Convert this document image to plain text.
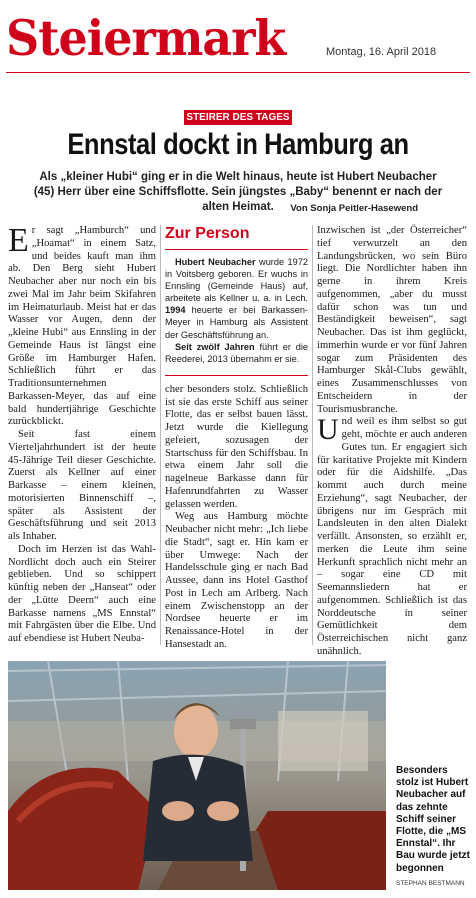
Steiermark	Montag, 16. April 2018
STEIRER DES TAGES
Ennstal dockt in Hamburg an
Als „kleiner Hubi“ ging er in die Welt hinaus, heute ist Hubert Neubacher (45) Herr über eine Schiffsflotte. Sein jüngstes „Baby“ benennt er nach der alten Heimat.	Von Sonja Peitler-Hasewend

Er sagt „Hamburch“ und „Hoamat“ in einem Satz, und beides kauft man ihm ab. Den Berg sieht Hubert Neubacher aber nur noch ein bis zwei Mal im Jahr beim Skifahren im Heimaturlaub. Meist hat er das Wasser vor Augen, denn der „kleine Hubi“ aus Ennsling in der Gemeinde Haus ist längst eine Größe im Hamburger Hafen. Schließlich führt er das Traditionsunternehmen Barkassen-Meyer, das auf eine bald hundertjährige Geschichte zurückblickt.

Seit fast einem Vierteljahrhundert ist der heute 45-Jährige Teil dieser Geschichte. Zuerst als Kellner auf einer Barkasse – einem kleinen, motorisierten Binnenschiff –, später als Assistent der Geschäftsführung und seit 2013 als Inhaber.

Doch im Herzen ist das Wahl-Nordlicht doch auch ein Steirer geblieben. Und so schippert künftig neben der „Hanseat“ oder der „Lütte Deern“ auch eine Barkasse namens „MS Ennstal“ mit Fahrgästen über die Elbe. Und auf ebendiese ist Hubert Neuba-

Zur Person

Hubert Neubacher wurde 1972 in Voitsberg geboren. Er wuchs in Ennsling (Gemeinde Haus) auf, arbeitete als Kellner u. a. in Lech. 1994 heuerte er bei Barkassen-Meyer in Hamburg als Assistent der Geschäftsführung an.

Seit zwölf Jahren führt er die Reederei, 2013 übernahm er sie.

cher besonders stolz. Schließlich ist sie das erste Schiff aus seiner Flotte, das er selbst bauen lässt. Jetzt wurde die Kiellegung gefeiert, sozusagen der Startschuss für den Schiffsbau. In etwa einem Jahr soll die nagelneue Barkasse dann für Hafenrundfahrten zu Wasser gelassen werden.

Weg aus Hamburg möchte Neubacher nicht mehr: „Ich liebe die Stadt“, sagt er. Hin kam er über Umwege: Nach der Handelsschule ging er nach Bad Aussee, dann ins Hotel Gasthof Post in Lech am Arlberg. Nach einem Zwischenstopp an der Nordsee heuerte er im Renaissance-Hotel in der Hansestadt an.

Inzwischen ist „der Österreicher“ tief verwurzelt an den Landungsbrücken, wo sein Büro liegt. Die Nordlichter haben ihn gerne in ihrem Kreis aufgenommen, „aber du musst dafür schon was tun und Beständigkeit beweisen“, sagt Neubacher. Das ist ihm geglückt, immerhin wurde er vor fünf Jahren sogar zum Präsidenten des Hamburger Skål-Clubs gewählt, eines Zusammenschlusses von Entscheidern in der Tourismusbranche.

Und weil es ihm selbst so gut geht, möchte er auch anderen Gutes tun. Er engagiert sich für karitative Projekte mit Kindern oder für die Aidshilfe. „Das kommt auch durch meine Erziehung“, sagt Neubacher, der übrigens nur im Gespräch mit Landsleuten in den alten Dialekt verfällt. Ansonsten, so erzählt er, merken die Leute ihm seine Herkunft sprachlich nicht mehr an – sogar eine CD mit Seemannsliedern hat er aufgenommen. Schließlich ist das Norddeutsche in seiner Gemütlichkeit dem Österreichischen nicht ganz unähnlich.

Besonders stolz ist Hubert Neubacher auf das zehnte Schiff seiner Flotte, die „MS Ennstal“. Ihr Bau wurde jetzt begonnen
STEPHAN BESTMANN
